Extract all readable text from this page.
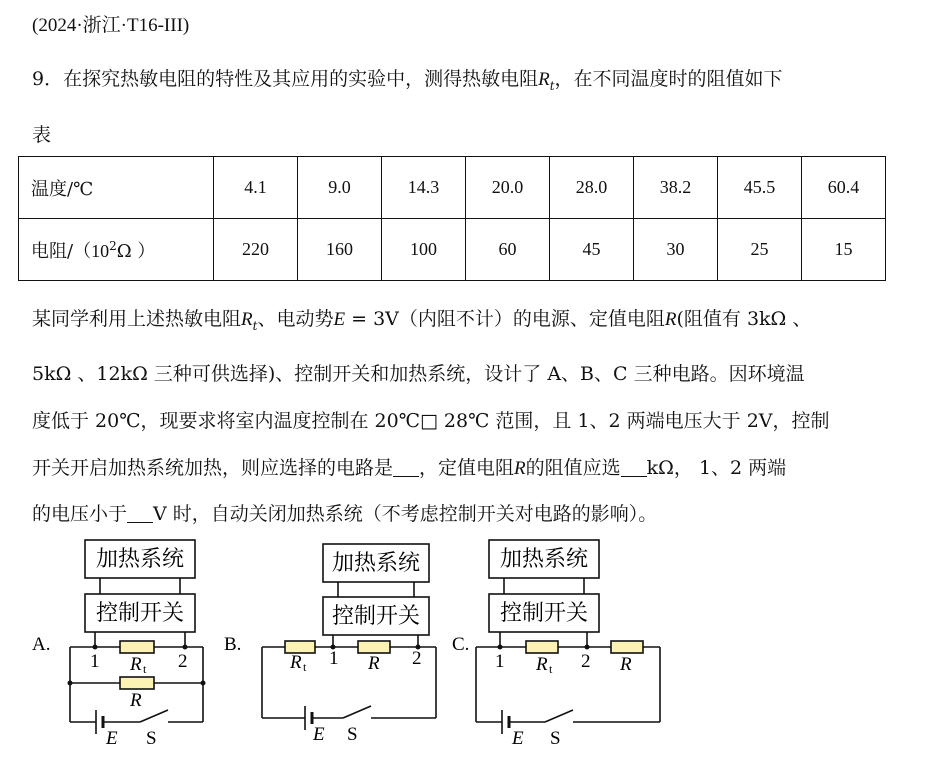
(2024·浙江·T16-III)
9．在探究热敏电阻的特性及其应用的实验中，测得热敏电阻$R_t$，在不同温度时的阻值如下
表
温度/℃	4.1	9.0	14.3	20.0	28.0	38.2	45.5	60.4
电阻$/(10^2\Omega$ ）	220	160	100	60	45	30	25	15
某同学利用上述热敏电阻$R_t$、电动势E = 3V（内阻不计）的电源、定值电阻R(阻值有 3kΩ 、
5kΩ 、12kΩ 三种可供选择)、控制开关和加热系统，设计了 A、B、C 三种电路。因环境温
度低于 20℃，现要求将室内温度控制在 20℃□ 28℃ 范围，且 1、2 两端电压大于 2V，控制
开关开启加热系统加热，则应选择的电路是 ，定值电阻R的阻值应选 kΩ， 1、2 两端
的电压小于 V 时，自动关闭加热系统（不考虑控制开关对电路的影响）。
加热系统
控制开关
加热系统
控制开关
加热系统
控制开关
A.	B.	C.
1	2
R t
R
E S
R t 1 R 2
E S
1 R t 2 R
E S
